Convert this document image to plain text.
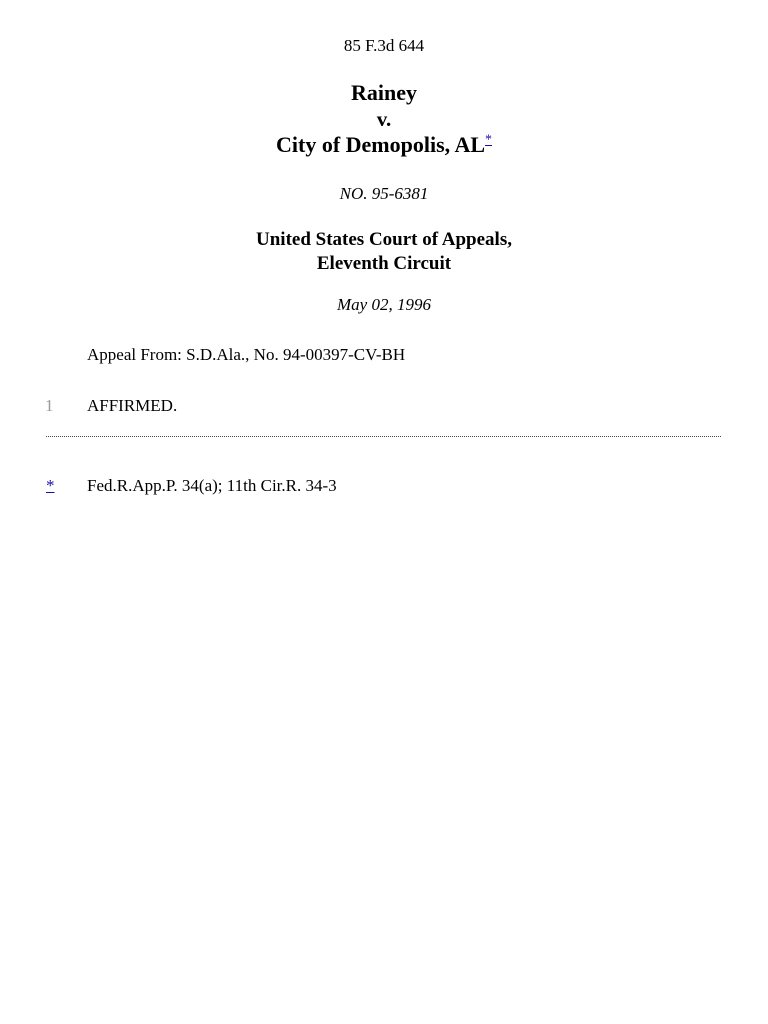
85 F.3d 644
Rainey
v.
City of Demopolis, AL*
NO. 95-6381
United States Court of Appeals,
Eleventh Circuit
May 02, 1996
Appeal From: S.D.Ala., No. 94-00397-CV-BH
1 AFFIRMED.
* Fed.R.App.P. 34(a); 11th Cir.R. 34-3
